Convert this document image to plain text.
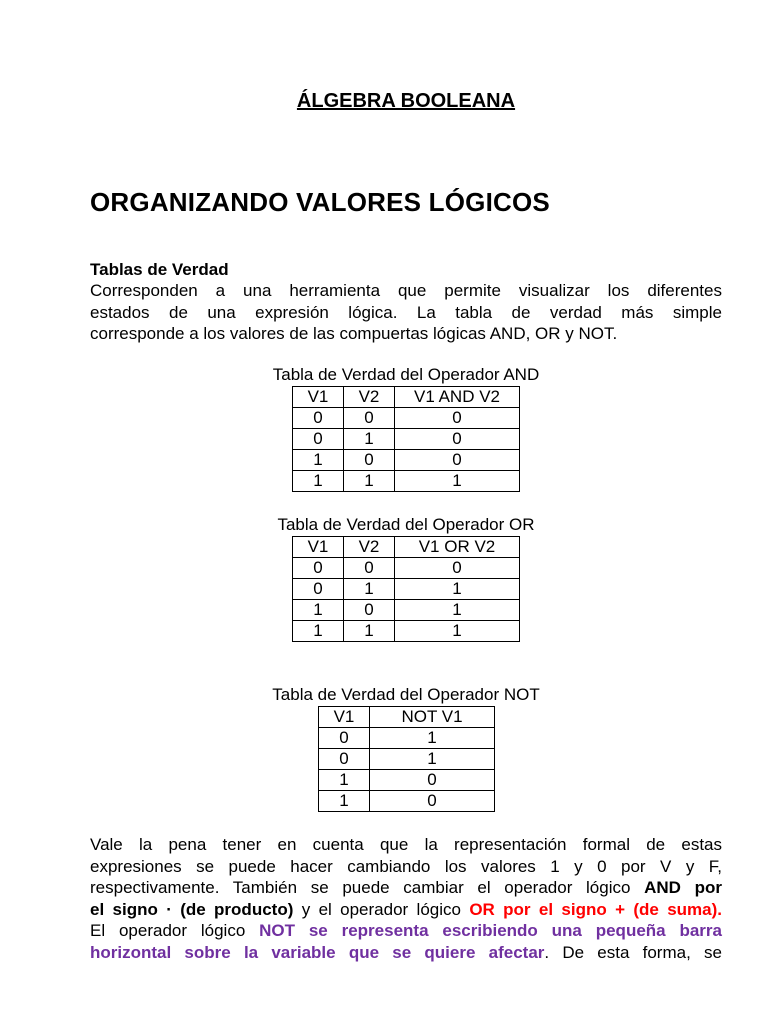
ÁLGEBRA BOOLEANA
ORGANIZANDO VALORES LÓGICOS
Tablas de Verdad
Corresponden a una herramienta que permite visualizar los diferentes
estados de una expresión lógica. La tabla de verdad más simple
corresponde a los valores de las compuertas lógicas AND, OR y NOT.
Tabla de Verdad del Operador AND
V1	V2	V1 AND V2
0	0	0
0	1	0
1	0	0
1	1	1
Tabla de Verdad del Operador OR
V1	V2	V1 OR V2
0	0	0
0	1	1
1	0	1
1	1	1
Tabla de Verdad del Operador NOT
V1	NOT V1
0	1
0	1
1	0
1	0
Vale la pena tener en cuenta que la representación formal de estas
expresiones se puede hacer cambiando los valores 1 y 0 por V y F,
respectivamente. También se puede cambiar el operador lógico AND por
el signo · (de producto) y el operador lógico OR por el signo + (de suma).
El operador lógico NOT se representa escribiendo una pequeña barra
horizontal sobre la variable que se quiere afectar. De esta forma, se
